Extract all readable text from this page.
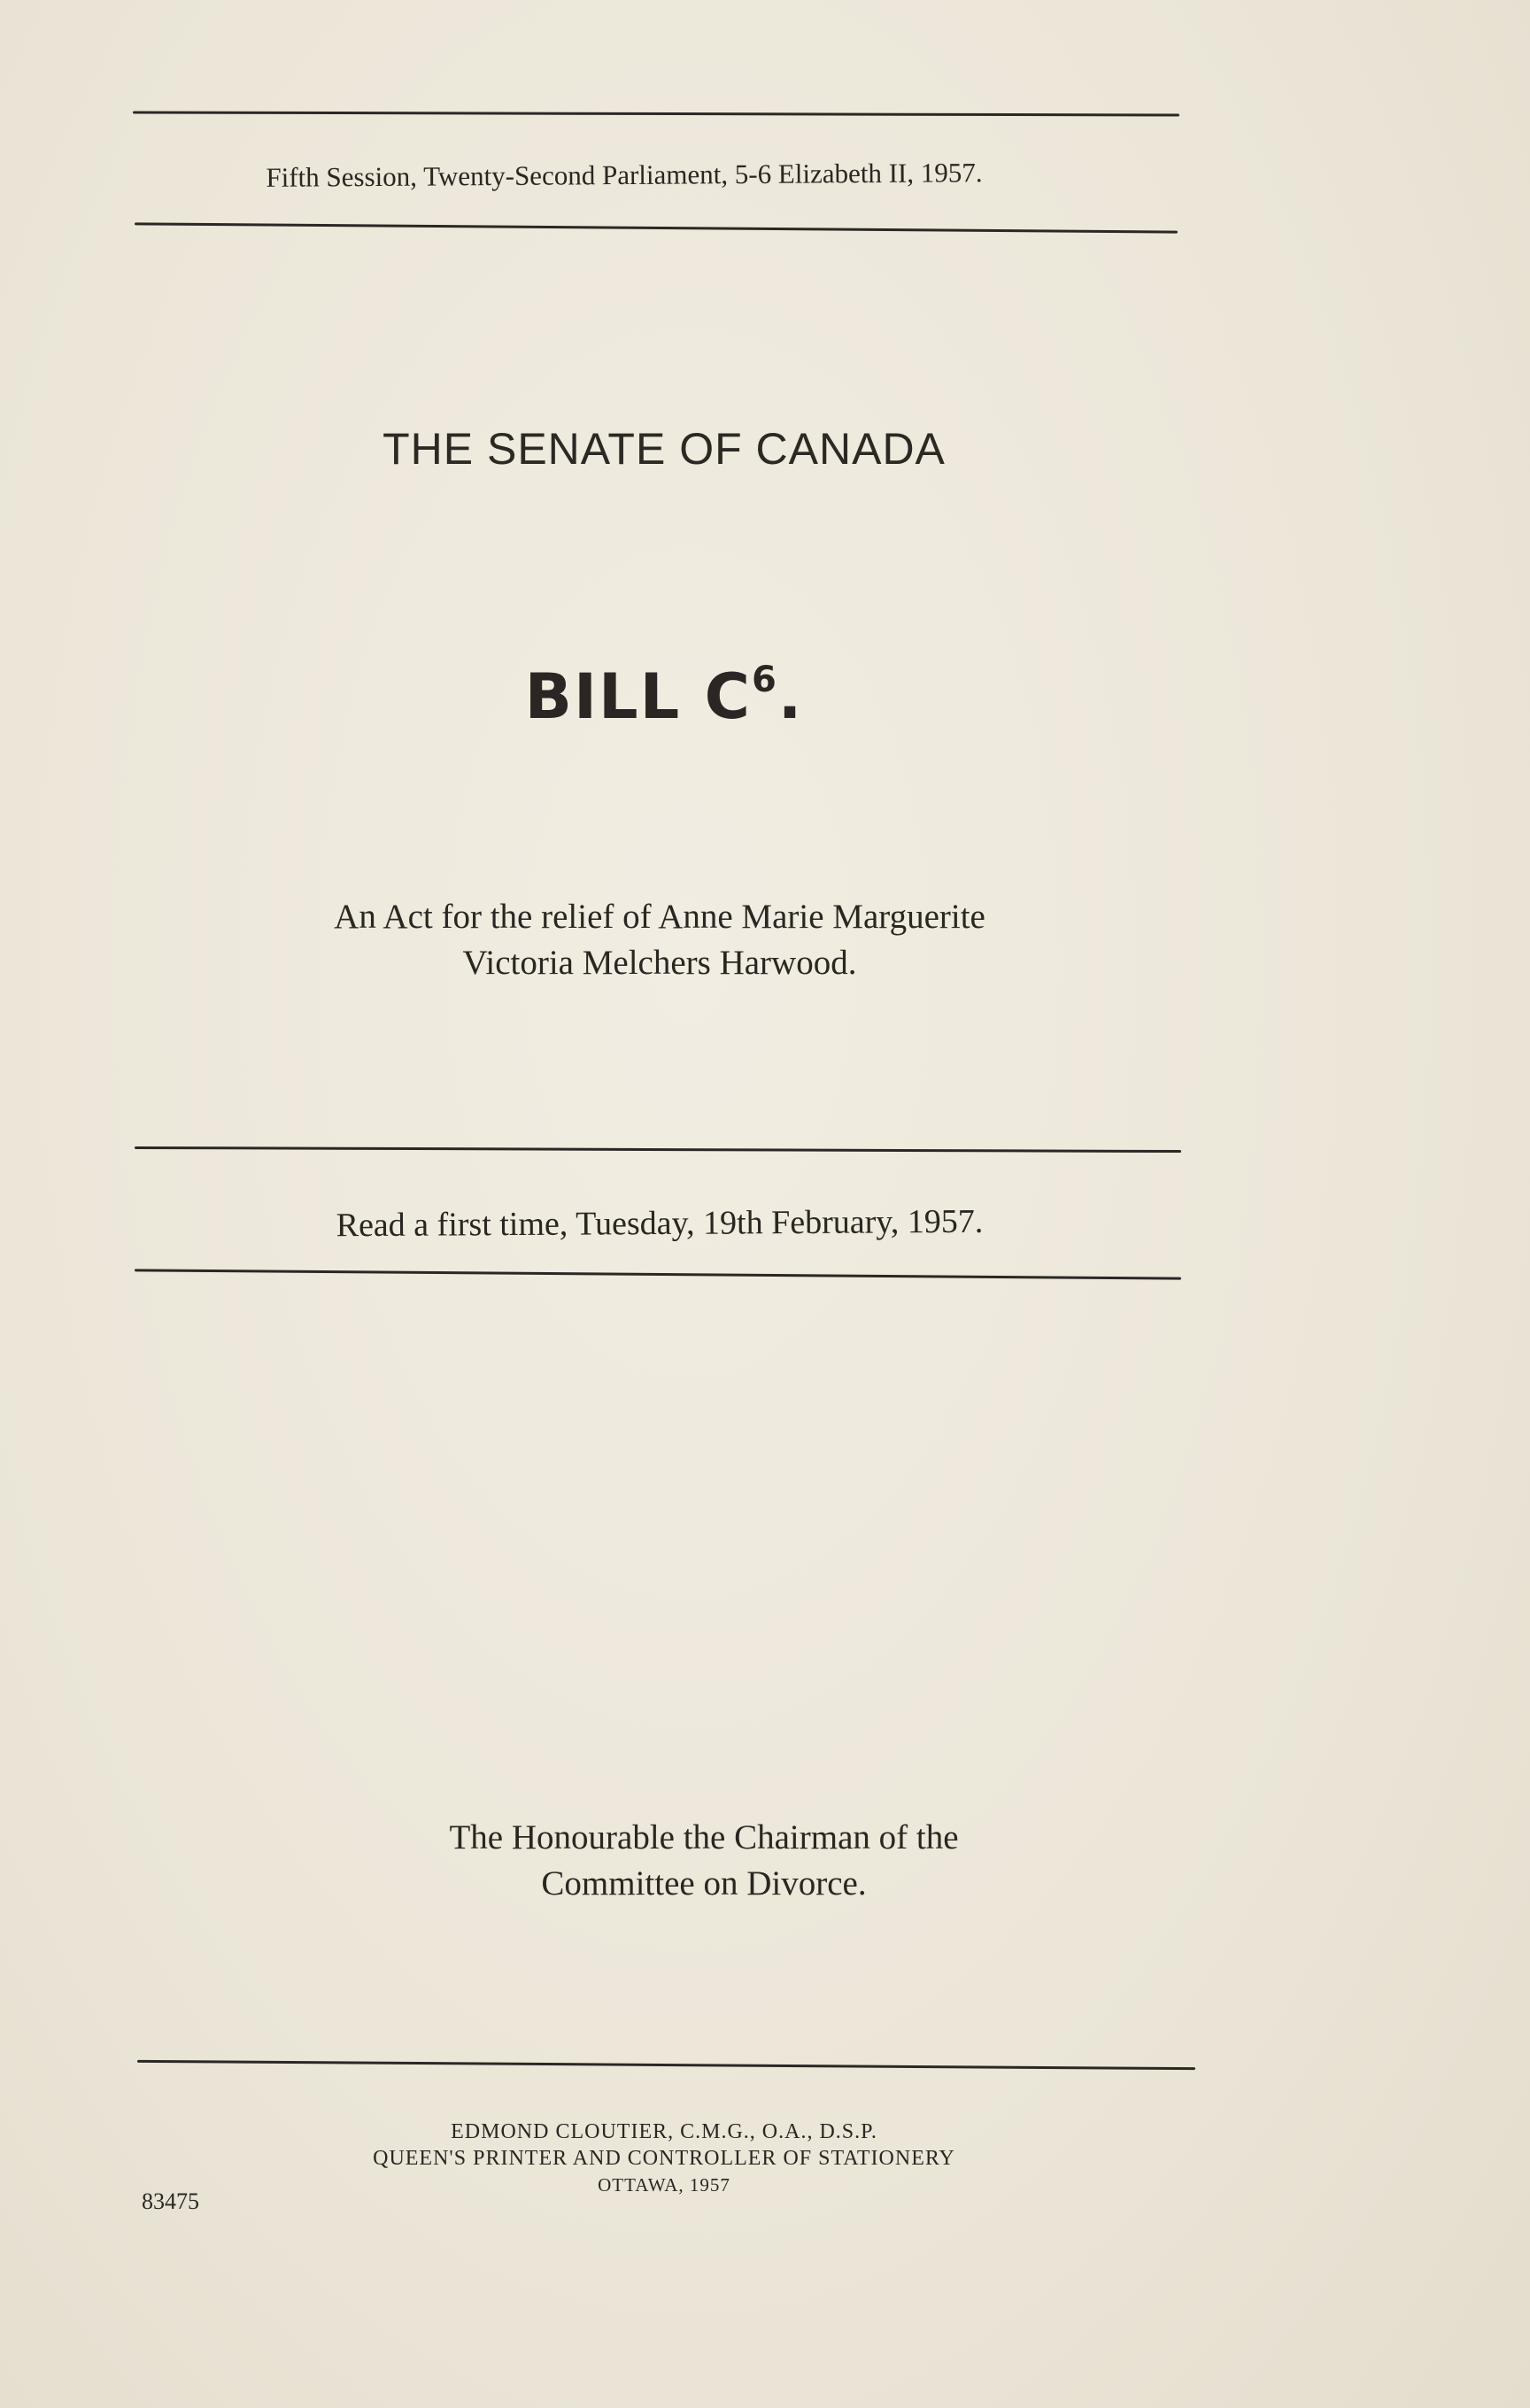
Fifth Session, Twenty-Second Parliament, 5-6 Elizabeth II, 1957.
THE SENATE OF CANADA
BILL $C^6$.
An Act for the relief of Anne Marie Marguerite
Victoria Melchers Harwood.
Read a first time, Tuesday, 19th February, 1957.
The Honourable the Chairman of the
Committee on Divorce.
EDMOND CLOUTIER, C.M.G., O.A., D.S.P.
QUEEN'S PRINTER AND CONTROLLER OF STATIONERY
OTTAWA, 1957
83475
